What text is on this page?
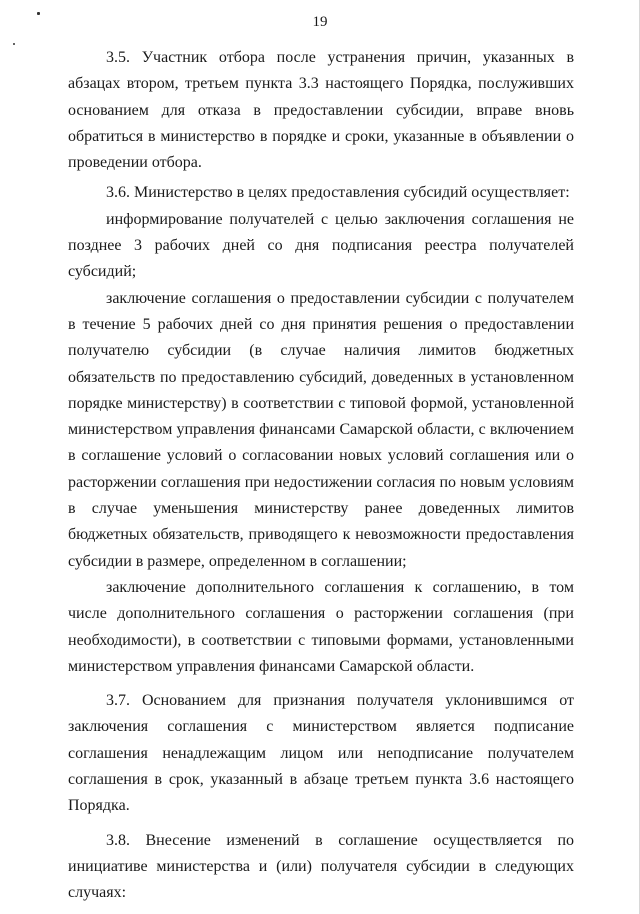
19

3.5. Участник отбора после устранения причин, указанных в абзацах втором, третьем пункта 3.3 настоящего Порядка, послуживших основанием для отказа в предоставлении субсидии, вправе вновь обратиться в министерство в порядке и сроки, указанные в объявлении о проведении отбора.

3.6. Министерство в целях предоставления субсидий осуществляет:

информирование получателей с целью заключения соглашения не позднее 3 рабочих дней со дня подписания реестра получателей субсидий;

заключение соглашения о предоставлении субсидии с получателем в течение 5 рабочих дней со дня принятия решения о предоставлении получателю субсидии (в случае наличия лимитов бюджетных обязательств по предоставлению субсидий, доведенных в установленном порядке министерству) в соответствии с типовой формой, установленной министерством управления финансами Самарской области, с включением в соглашение условий о согласовании новых условий соглашения или о расторжении соглашения при недостижении согласия по новым условиям в случае уменьшения министерству ранее доведенных лимитов бюджетных обязательств, приводящего к невозможности предоставления субсидии в размере, определенном в соглашении;

заключение дополнительного соглашения к соглашению, в том числе дополнительного соглашения о расторжении соглашения (при необходимости), в соответствии с типовыми формами, установленными министерством управления финансами Самарской области.

3.7. Основанием для признания получателя уклонившимся от заключения соглашения с министерством является подписание соглашения ненадлежащим лицом или неподписание получателем соглашения в срок, указанный в абзаце третьем пункта 3.6 настоящего Порядка.

3.8. Внесение изменений в соглашение осуществляется по инициативе министерства и (или) получателя субсидии в следующих случаях:
